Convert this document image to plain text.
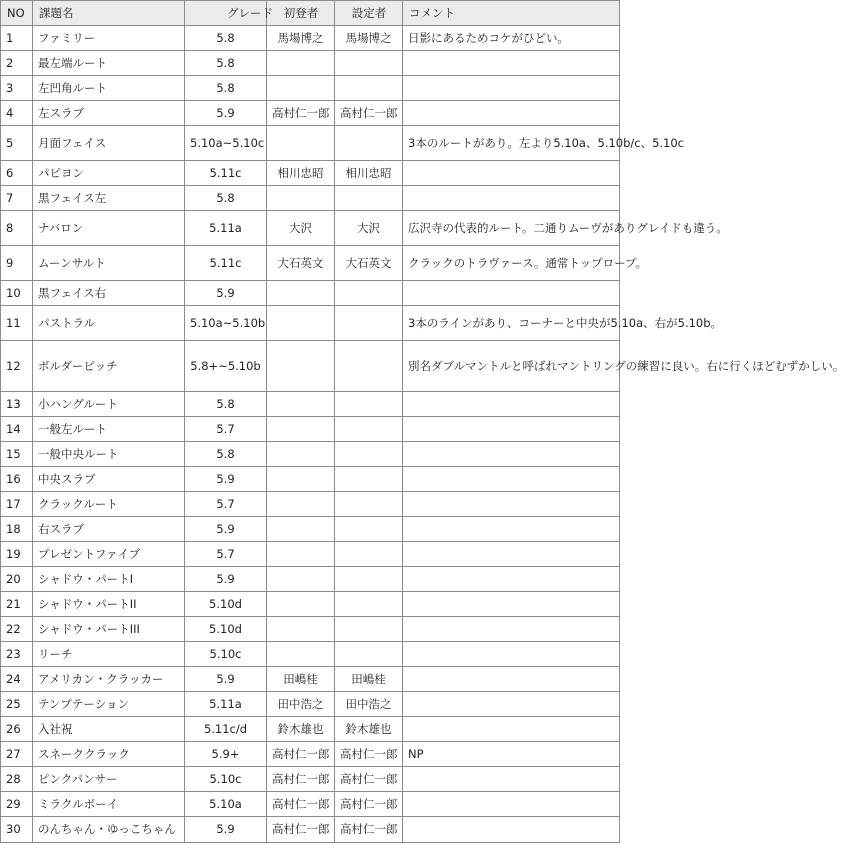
NO	課題名	グレード	初登者	設定者	コメント
1	ファミリー	5.8	馬場博之	馬場博之	日影にあるためコケがひどい。
2	最左端ルート	5.8			
3	左凹角ルート	5.8			
4	左スラブ	5.9	高村仁一郎	高村仁一郎	
5	月面フェイス	5.10a~5.10c			3本のルートがあり。左より5.10a、5.10b/c、5.10c
6	パピヨン	5.11c	相川忠昭	相川忠昭	
7	黒フェイス左	5.8			
8	ナバロン	5.11a	大沢	大沢	広沢寺の代表的ルート。二通りムーヴがありグレイドも違う。
9	ムーンサルト	5.11c	大石英文	大石英文	クラックのトラヴァース。通常トップロープ。
10	黒フェイス右	5.9			
11	パストラル	5.10a~5.10b			3本のラインがあり、コーナーと中央が5.10a、右が5.10b。
12	ボルダーピッチ	5.8+~5.10b			別名ダブルマントルと呼ばれマントリングの練習に良い。右に行くほどむずかしい。
13	小ハングルート	5.8			
14	一般左ルート	5.7			
15	一般中央ルート	5.8			
16	中央スラブ	5.9			
17	クラックルート	5.7			
18	右スラブ	5.9			
19	プレゼントファイブ	5.7			
20	シャドウ・パートI	5.9			
21	シャドウ・パートII	5.10d			
22	シャドウ・パートIII	5.10d			
23	リーチ	5.10c			
24	アメリカン・クラッカー	5.9	田嶋桂	田嶋桂	
25	テンプテーション	5.11a	田中浩之	田中浩之	
26	入社祝	5.11c/d	鈴木雄也	鈴木雄也	
27	スネーククラック	5.9+	高村仁一郎	高村仁一郎	NP
28	ピンクパンサー	5.10c	高村仁一郎	高村仁一郎	
29	ミラクルボーイ	5.10a	高村仁一郎	高村仁一郎	
30	のんちゃん・ゆっこちゃん	5.9	高村仁一郎	高村仁一郎	
